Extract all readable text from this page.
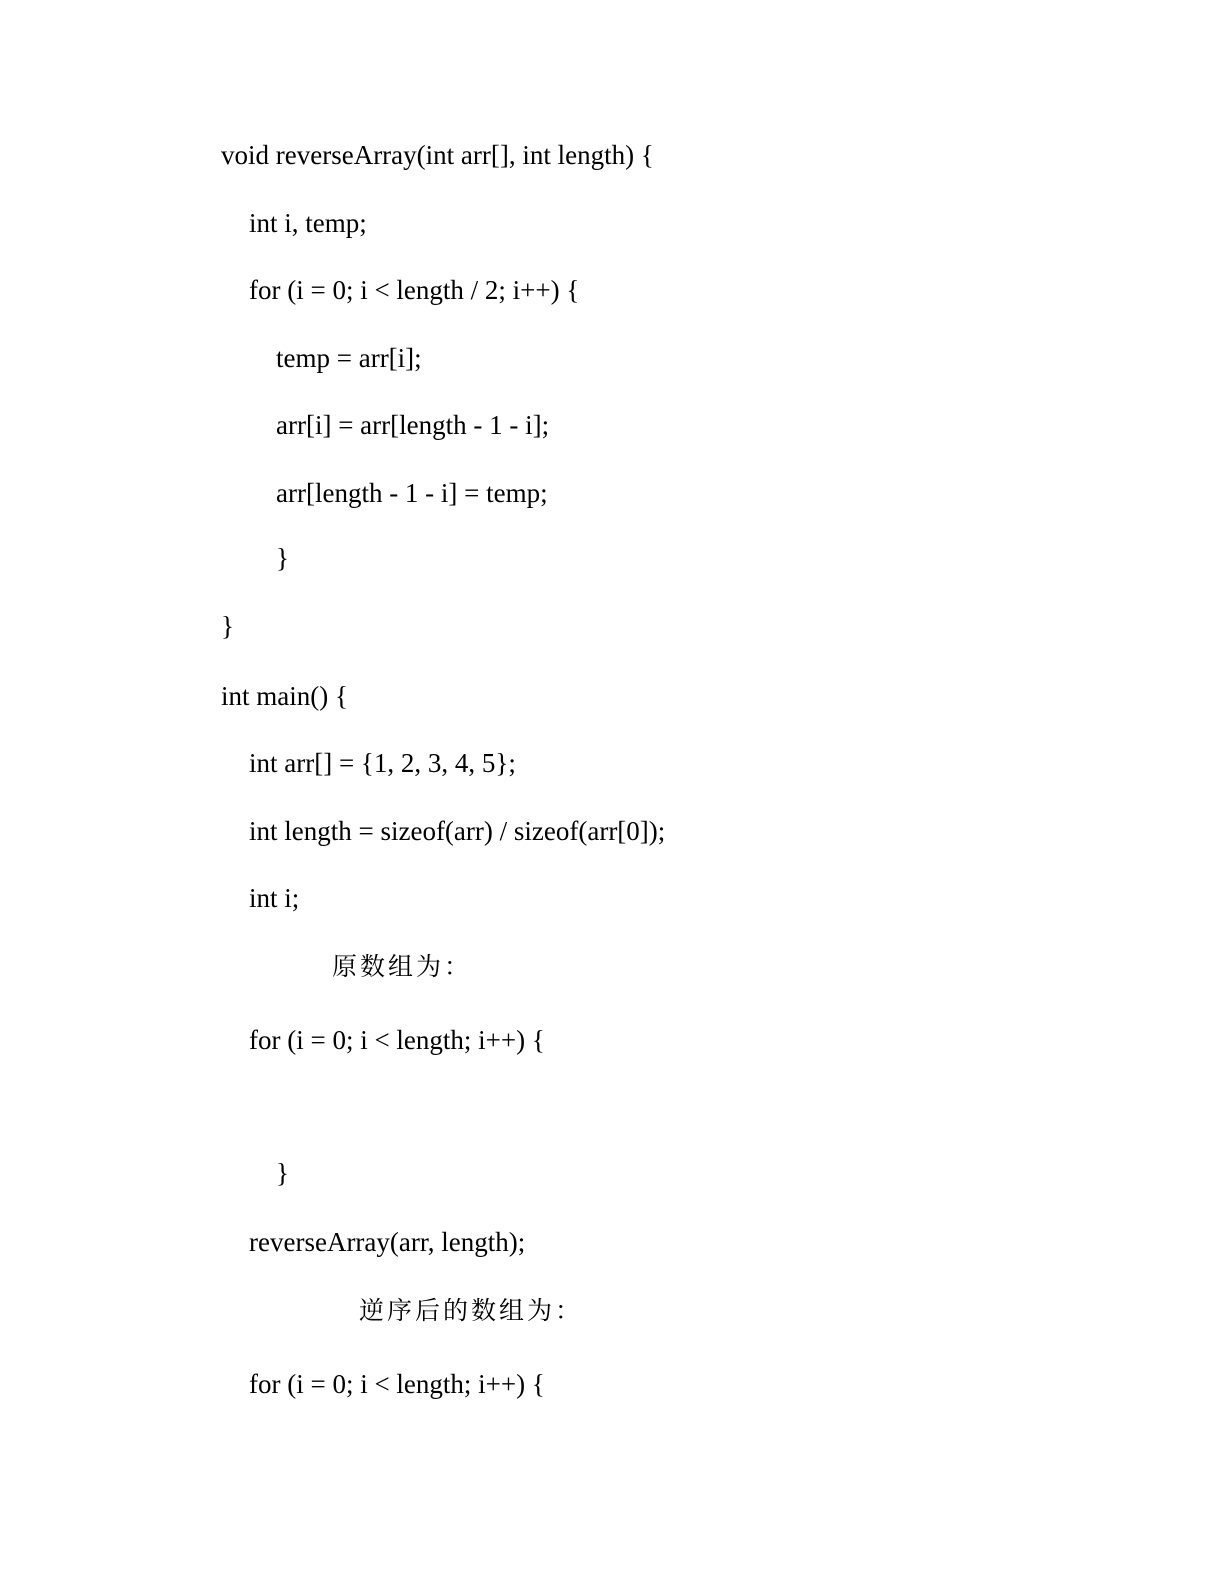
void reverseArray(int arr[], int length) {
int i, temp;
for (i = 0; i < length / 2; i++) {
temp = arr[i];
arr[i] = arr[length - 1 - i];
arr[length - 1 - i] = temp;
}
}
int main() {
int arr[] = {1, 2, 3, 4, 5};
int length = sizeof(arr) / sizeof(arr[0]);
int i;
原数组为：
for (i = 0; i < length; i++) {
}
reverseArray(arr, length);
逆序后的数组为：
for (i = 0; i < length; i++) {
